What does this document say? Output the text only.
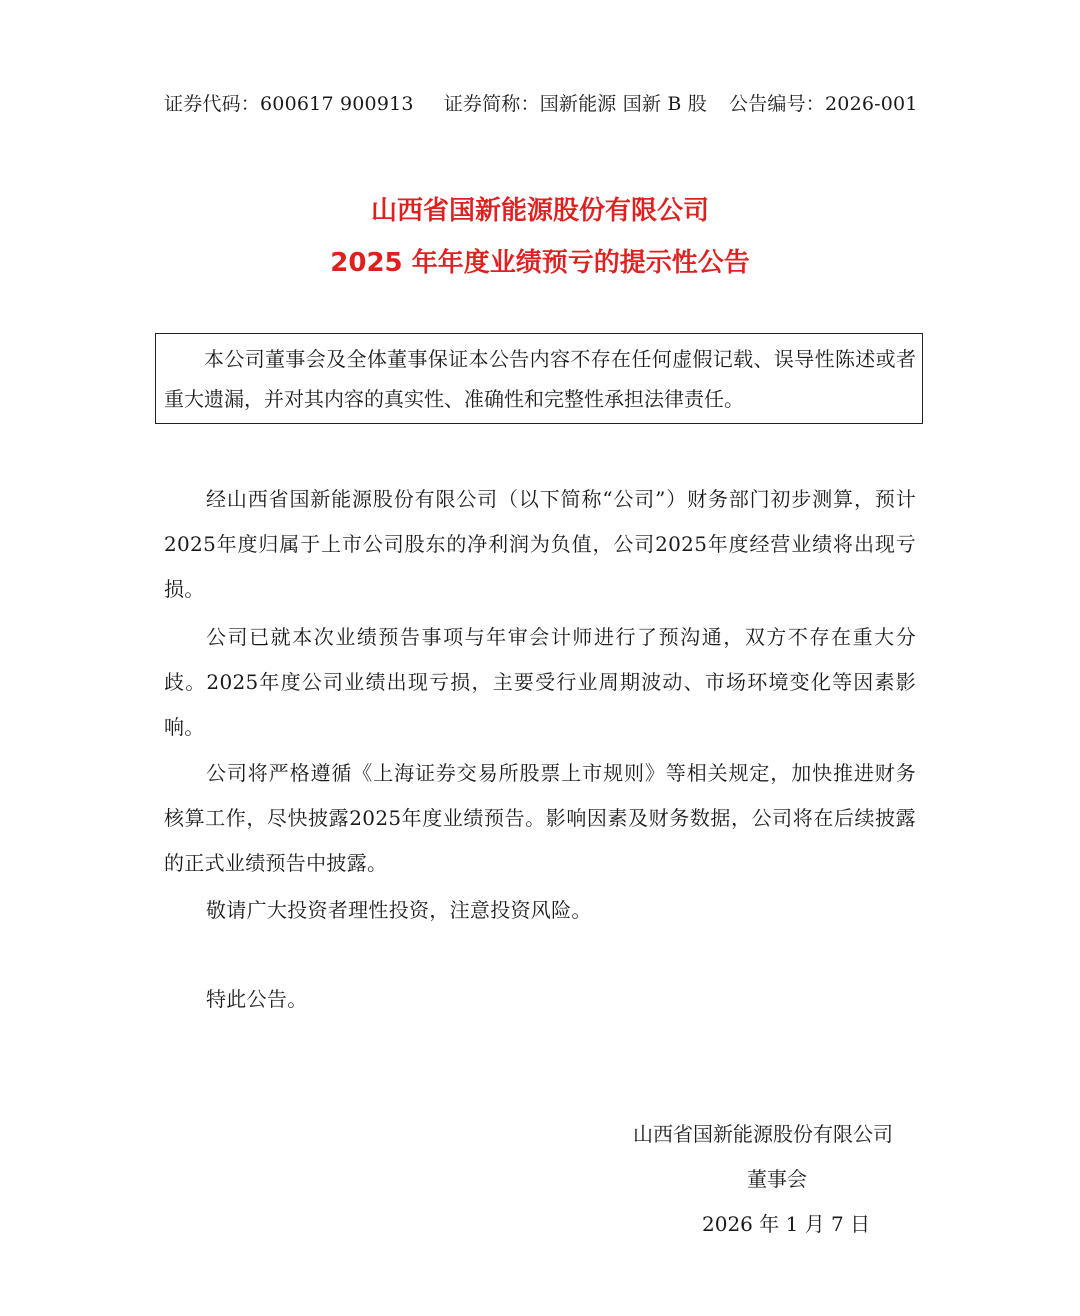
证券代码：600617 900913 证券简称：国新能源 国新 B 股 公告编号：2026-001
山西省国新能源股份有限公司
2025 年年度业绩预亏的提示性公告
本公司董事会及全体董事保证本公告内容不存在任何虚假记载、误导性陈述或者重大遗漏，并对其内容的真实性、准确性和完整性承担法律责任。
经山西省国新能源股份有限公司（以下简称“公司”）财务部门初步测算，预计2025年度归属于上市公司股东的净利润为负值，公司2025年度经营业绩将出现亏损。
公司已就本次业绩预告事项与年审会计师进行了预沟通，双方不存在重大分歧。2025年度公司业绩出现亏损，主要受行业周期波动、市场环境变化等因素影响。
公司将严格遵循《上海证券交易所股票上市规则》等相关规定，加快推进财务核算工作，尽快披露2025年度业绩预告。影响因素及财务数据，公司将在后续披露的正式业绩预告中披露。
敬请广大投资者理性投资，注意投资风险。
特此公告。
山西省国新能源股份有限公司
董事会
2026 年 1 月 7 日
